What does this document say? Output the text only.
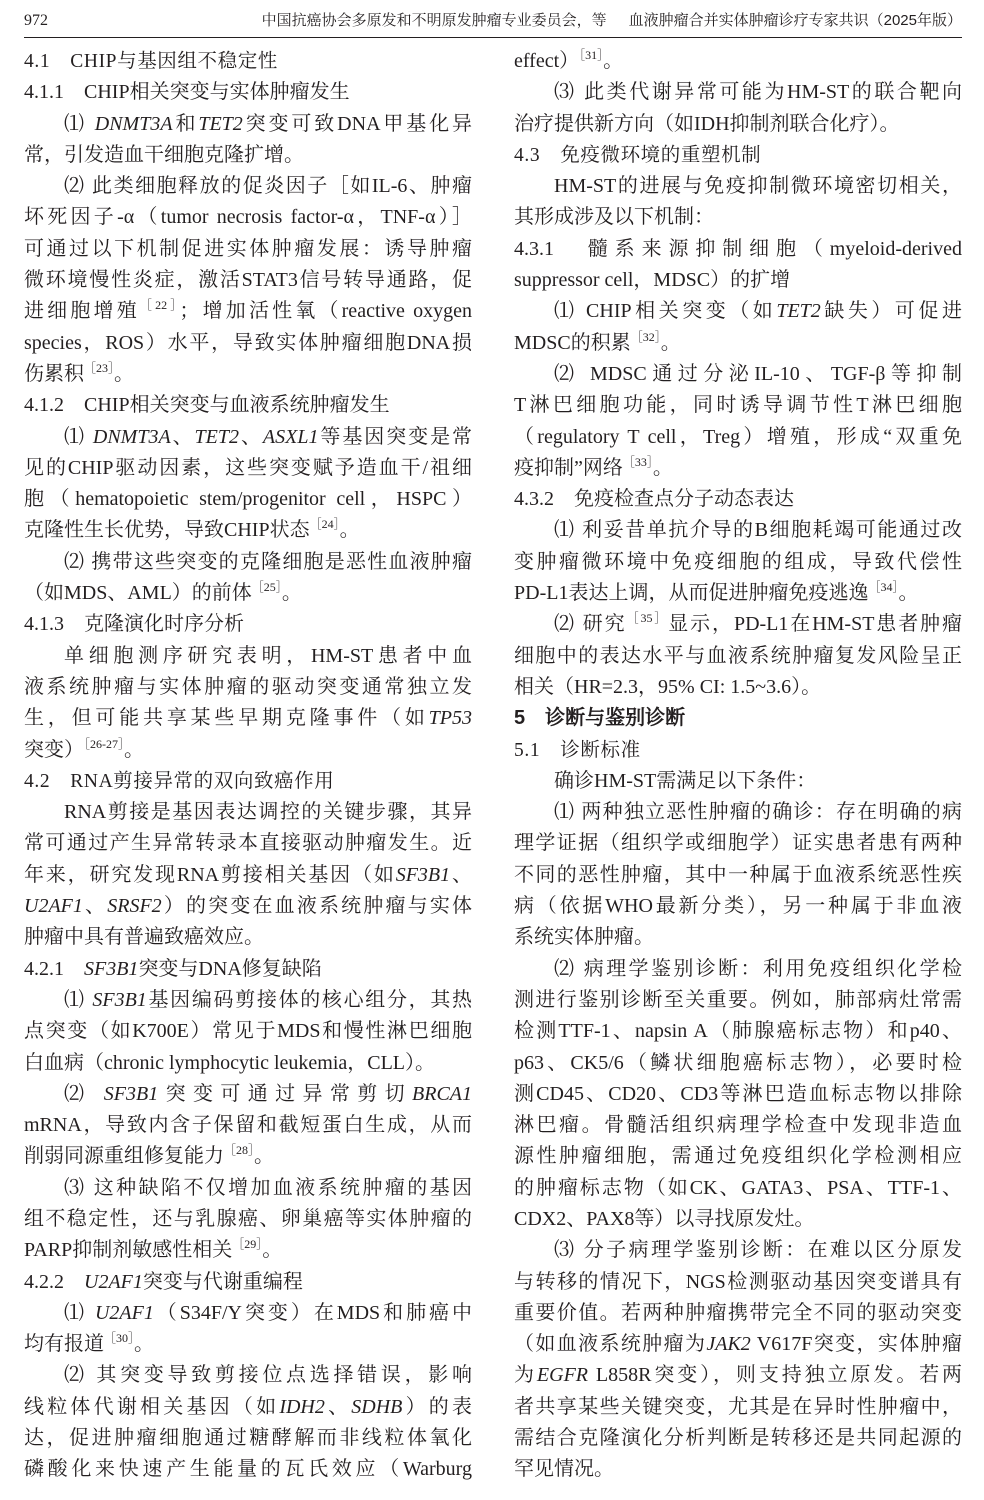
972	中国抗癌协会多原发和不明原发肿瘤专业委员会，等 血液肿瘤合并实体肿瘤诊疗专家共识（2025年版）
4.1　CHIP与基因组不稳定性
4.1.1　CHIP相关突变与实体肿瘤发生
⑴ DNMT3A和TET2突变可致DNA甲基化异
常，引发造血干细胞克隆扩增。
⑵ 此类细胞释放的促炎因子［如IL-6、肿瘤
坏死因子-α（tumor necrosis factor-α，TNF-α）］
可通过以下机制促进实体肿瘤发展：诱导肿瘤
微环境慢性炎症，激活STAT3信号转导通路，促
进细胞增殖$^{[22]}$；增加活性氧（reactive oxygen
species，ROS）水平，导致实体肿瘤细胞DNA损
伤累积$^{[23]}$。
4.1.2　CHIP相关突变与血液系统肿瘤发生
⑴ DNMT3A、TET2、ASXL1等基因突变是常
见的CHIP驱动因素，这些突变赋予造血干/祖细
胞（hematopoietic stem/progenitor cell，HSPC）
克隆性生长优势，导致CHIP状态$^{[24]}$。
⑵ 携带这些突变的克隆细胞是恶性血液肿瘤
（如MDS、AML）的前体$^{[25]}$。
4.1.3　克隆演化时序分析
单细胞测序研究表明，HM-ST患者中血
液系统肿瘤与实体肿瘤的驱动突变通常独立发
生，但可能共享某些早期克隆事件（如TP53
突变）$^{[26-27]}$。
4.2　RNA剪接异常的双向致癌作用
RNA剪接是基因表达调控的关键步骤，其异
常可通过产生异常转录本直接驱动肿瘤发生。近
年来，研究发现RNA剪接相关基因（如SF3B1、
U2AF1、SRSF2）的突变在血液系统肿瘤与实体
肿瘤中具有普遍致癌效应。
4.2.1　SF3B1突变与DNA修复缺陷
⑴ SF3B1基因编码剪接体的核心组分，其热
点突变（如K700E）常见于MDS和慢性淋巴细胞
白血病（chronic lymphocytic leukemia，CLL）。
⑵ SF3B1突变可通过异常剪切BRCA1
mRNA，导致内含子保留和截短蛋白生成，从而
削弱同源重组修复能力$^{[28]}$。
⑶ 这种缺陷不仅增加血液系统肿瘤的基因
组不稳定性，还与乳腺癌、卵巢癌等实体肿瘤的
PARP抑制剂敏感性相关$^{[29]}$。
4.2.2　U2AF1突变与代谢重编程
⑴ U2AF1（S34F/Y突变）在MDS和肺癌中
均有报道$^{[30]}$。
⑵ 其突变导致剪接位点选择错误，影响
线粒体代谢相关基因（如IDH2、SDHB）的表
达，促进肿瘤细胞通过糖酵解而非线粒体氧化
磷酸化来快速产生能量的瓦氏效应（Warburg
effect）$^{[31]}$。
⑶ 此类代谢异常可能为HM-ST的联合靶向
治疗提供新方向（如IDH抑制剂联合化疗）。
4.3　免疫微环境的重塑机制
HM-ST的进展与免疫抑制微环境密切相关，
其形成涉及以下机制：
4.3.1　髓系来源抑制细胞（myeloid-derived
suppressor cell，MDSC）的扩增
⑴ CHIP相关突变（如TET2缺失）可促进
MDSC的积累$^{[32]}$。
⑵ MDSC通过分泌IL-10、TGF-β等抑制
T淋巴细胞功能，同时诱导调节性T淋巴细胞
（regulatory T cell，Treg）增殖，形成“双重免
疫抑制”网络$^{[33]}$。
4.3.2　免疫检查点分子动态表达
⑴ 利妥昔单抗介导的B细胞耗竭可能通过改
变肿瘤微环境中免疫细胞的组成，导致代偿性
PD-L1表达上调，从而促进肿瘤免疫逃逸$^{[34]}$。
⑵ 研究$^{[35]}$显示，PD-L1在HM-ST患者肿瘤
细胞中的表达水平与血液系统肿瘤复发风险呈正
相关（HR=2.3，95% CI: 1.5~3.6）。
5　诊断与鉴别诊断
5.1　诊断标准
确诊HM-ST需满足以下条件：
⑴ 两种独立恶性肿瘤的确诊：存在明确的病
理学证据（组织学或细胞学）证实患者患有两种
不同的恶性肿瘤，其中一种属于血液系统恶性疾
病（依据WHO最新分类），另一种属于非血液
系统实体肿瘤。
⑵ 病理学鉴别诊断：利用免疫组织化学检
测进行鉴别诊断至关重要。例如，肺部病灶常需
检测TTF-1、napsin A（肺腺癌标志物）和p40、
p63、CK5/6（鳞状细胞癌标志物），必要时检
测CD45、CD20、CD3等淋巴造血标志物以排除
淋巴瘤。骨髓活组织病理学检查中发现非造血
源性肿瘤细胞，需通过免疫组织化学检测相应
的肿瘤标志物（如CK、GATA3、PSA、TTF-1、
CDX2、PAX8等）以寻找原发灶。
⑶ 分子病理学鉴别诊断：在难以区分原发
与转移的情况下，NGS检测驱动基因突变谱具有
重要价值。若两种肿瘤携带完全不同的驱动突变
（如血液系统肿瘤为JAK2 V617F突变，实体肿瘤
为EGFR L858R突变），则支持独立原发。若两
者共享某些关键突变，尤其是在异时性肿瘤中，
需结合克隆演化分析判断是转移还是共同起源的
罕见情况。
